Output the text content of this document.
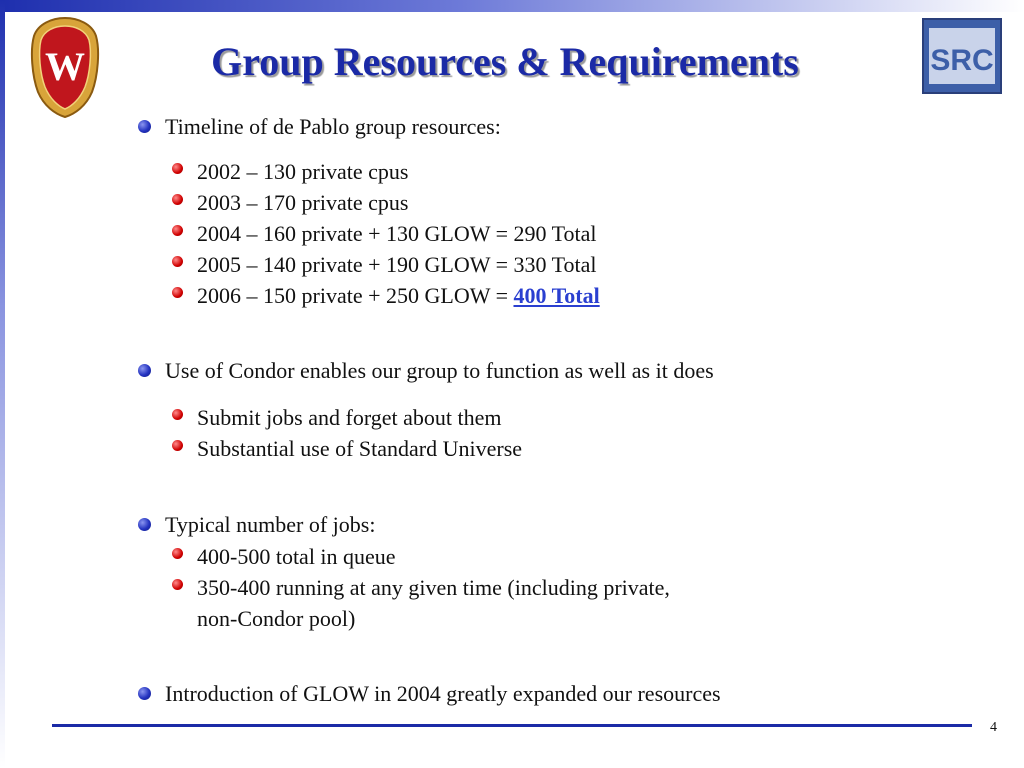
W	SRC
Group Resources & Requirements
Timeline of de Pablo group resources:
2002 – 130 private cpus
2003 – 170 private cpus
2004 – 160 private + 130 GLOW = 290 Total
2005 – 140 private + 190 GLOW = 330 Total
2006 – 150 private + 250 GLOW = 400 Total
Use of Condor enables our group to function as well as it does
Submit jobs and forget about them
Substantial use of Standard Universe
Typical number of jobs:
400-500 total in queue
350-400 running at any given time (including private,
non-Condor pool)
Introduction of GLOW in 2004 greatly expanded our resources
4
